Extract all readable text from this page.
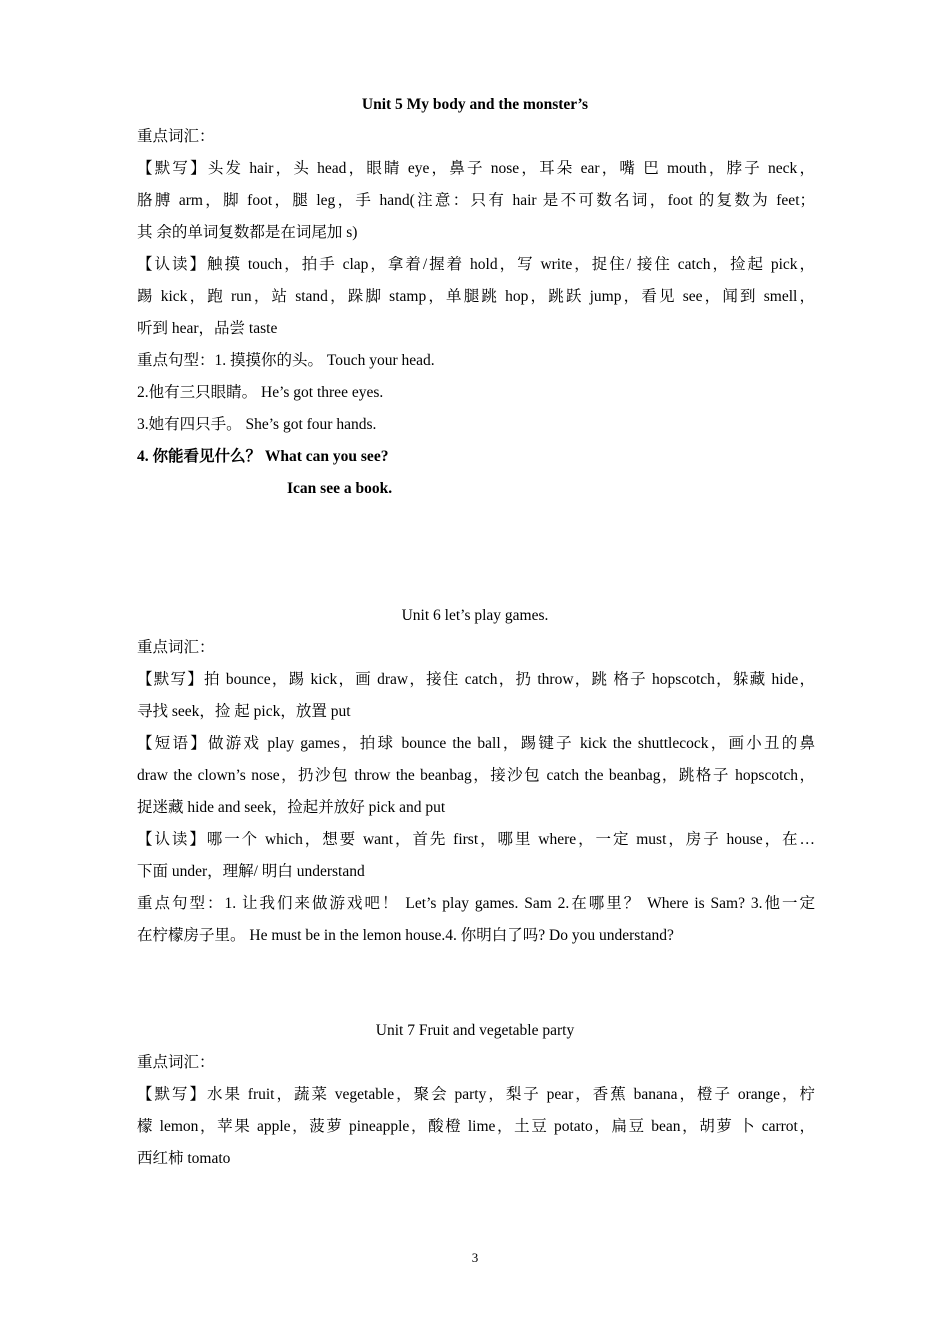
Unit 5 My body and the monster’s
重点词汇：
【默写】头发 hair，头 head，眼睛 eye，鼻子 nose，耳朵 ear，嘴 巴 mouth，脖子 neck，
胳膊 arm，脚 foot，腿 leg，手 hand(注意：只有 hair 是不可数名词，foot 的复数为 feet；
其 余的单词复数都是在词尾加 s)
【认读】触摸 touch，拍手 clap，拿着/握着 hold，写 write，捉住/ 接住 catch，捡起 pick，
踢 kick，跑 run，站 stand，跺脚 stamp，单腿跳 hop，跳跃 jump，看见 see，闻到 smell，
听到 hear，品尝 taste
重点句型：1. 摸摸你的头。 Touch your head.
2.他有三只眼睛。 He’s got three eyes.
3.她有四只手。 She’s got four hands.
4. 你能看见什么？ What can you see?
Ican see a book.
Unit 6 let’s play games.
重点词汇：
【默写】拍 bounce，踢 kick，画 draw，接住 catch，扔 throw，跳 格子 hopscotch，躲藏 hide，
寻找 seek，捡 起 pick，放置 put
【短语】做游戏 play games，拍球 bounce the ball，踢键子 kick the shuttlecock，画小丑的鼻
draw the clown’s nose，扔沙包 throw the beanbag，接沙包 catch the beanbag，跳格子 hopscotch，
捉迷藏 hide and seek，捡起并放好 pick and put
【认读】哪一个 which，想要 want，首先 first，哪里 where，一定 must，房子 house，在…
下面 under，理解/ 明白 understand
重点句型：1. 让我们来做游戏吧！ Let’s play games. Sam 2.在哪里？ Where is Sam? 3.他一定
在柠檬房子里。 He must be in the lemon house.4. 你明白了吗? Do you understand?
Unit 7 Fruit and vegetable party
重点词汇：
【默写】水果 fruit，蔬菜 vegetable，聚会 party，梨子 pear，香蕉 banana，橙子 orange，柠
檬 lemon，苹果 apple，菠萝 pineapple，酸橙 lime，土豆 potato，扁豆 bean，胡萝 卜 carrot，
西红柿 tomato
3
